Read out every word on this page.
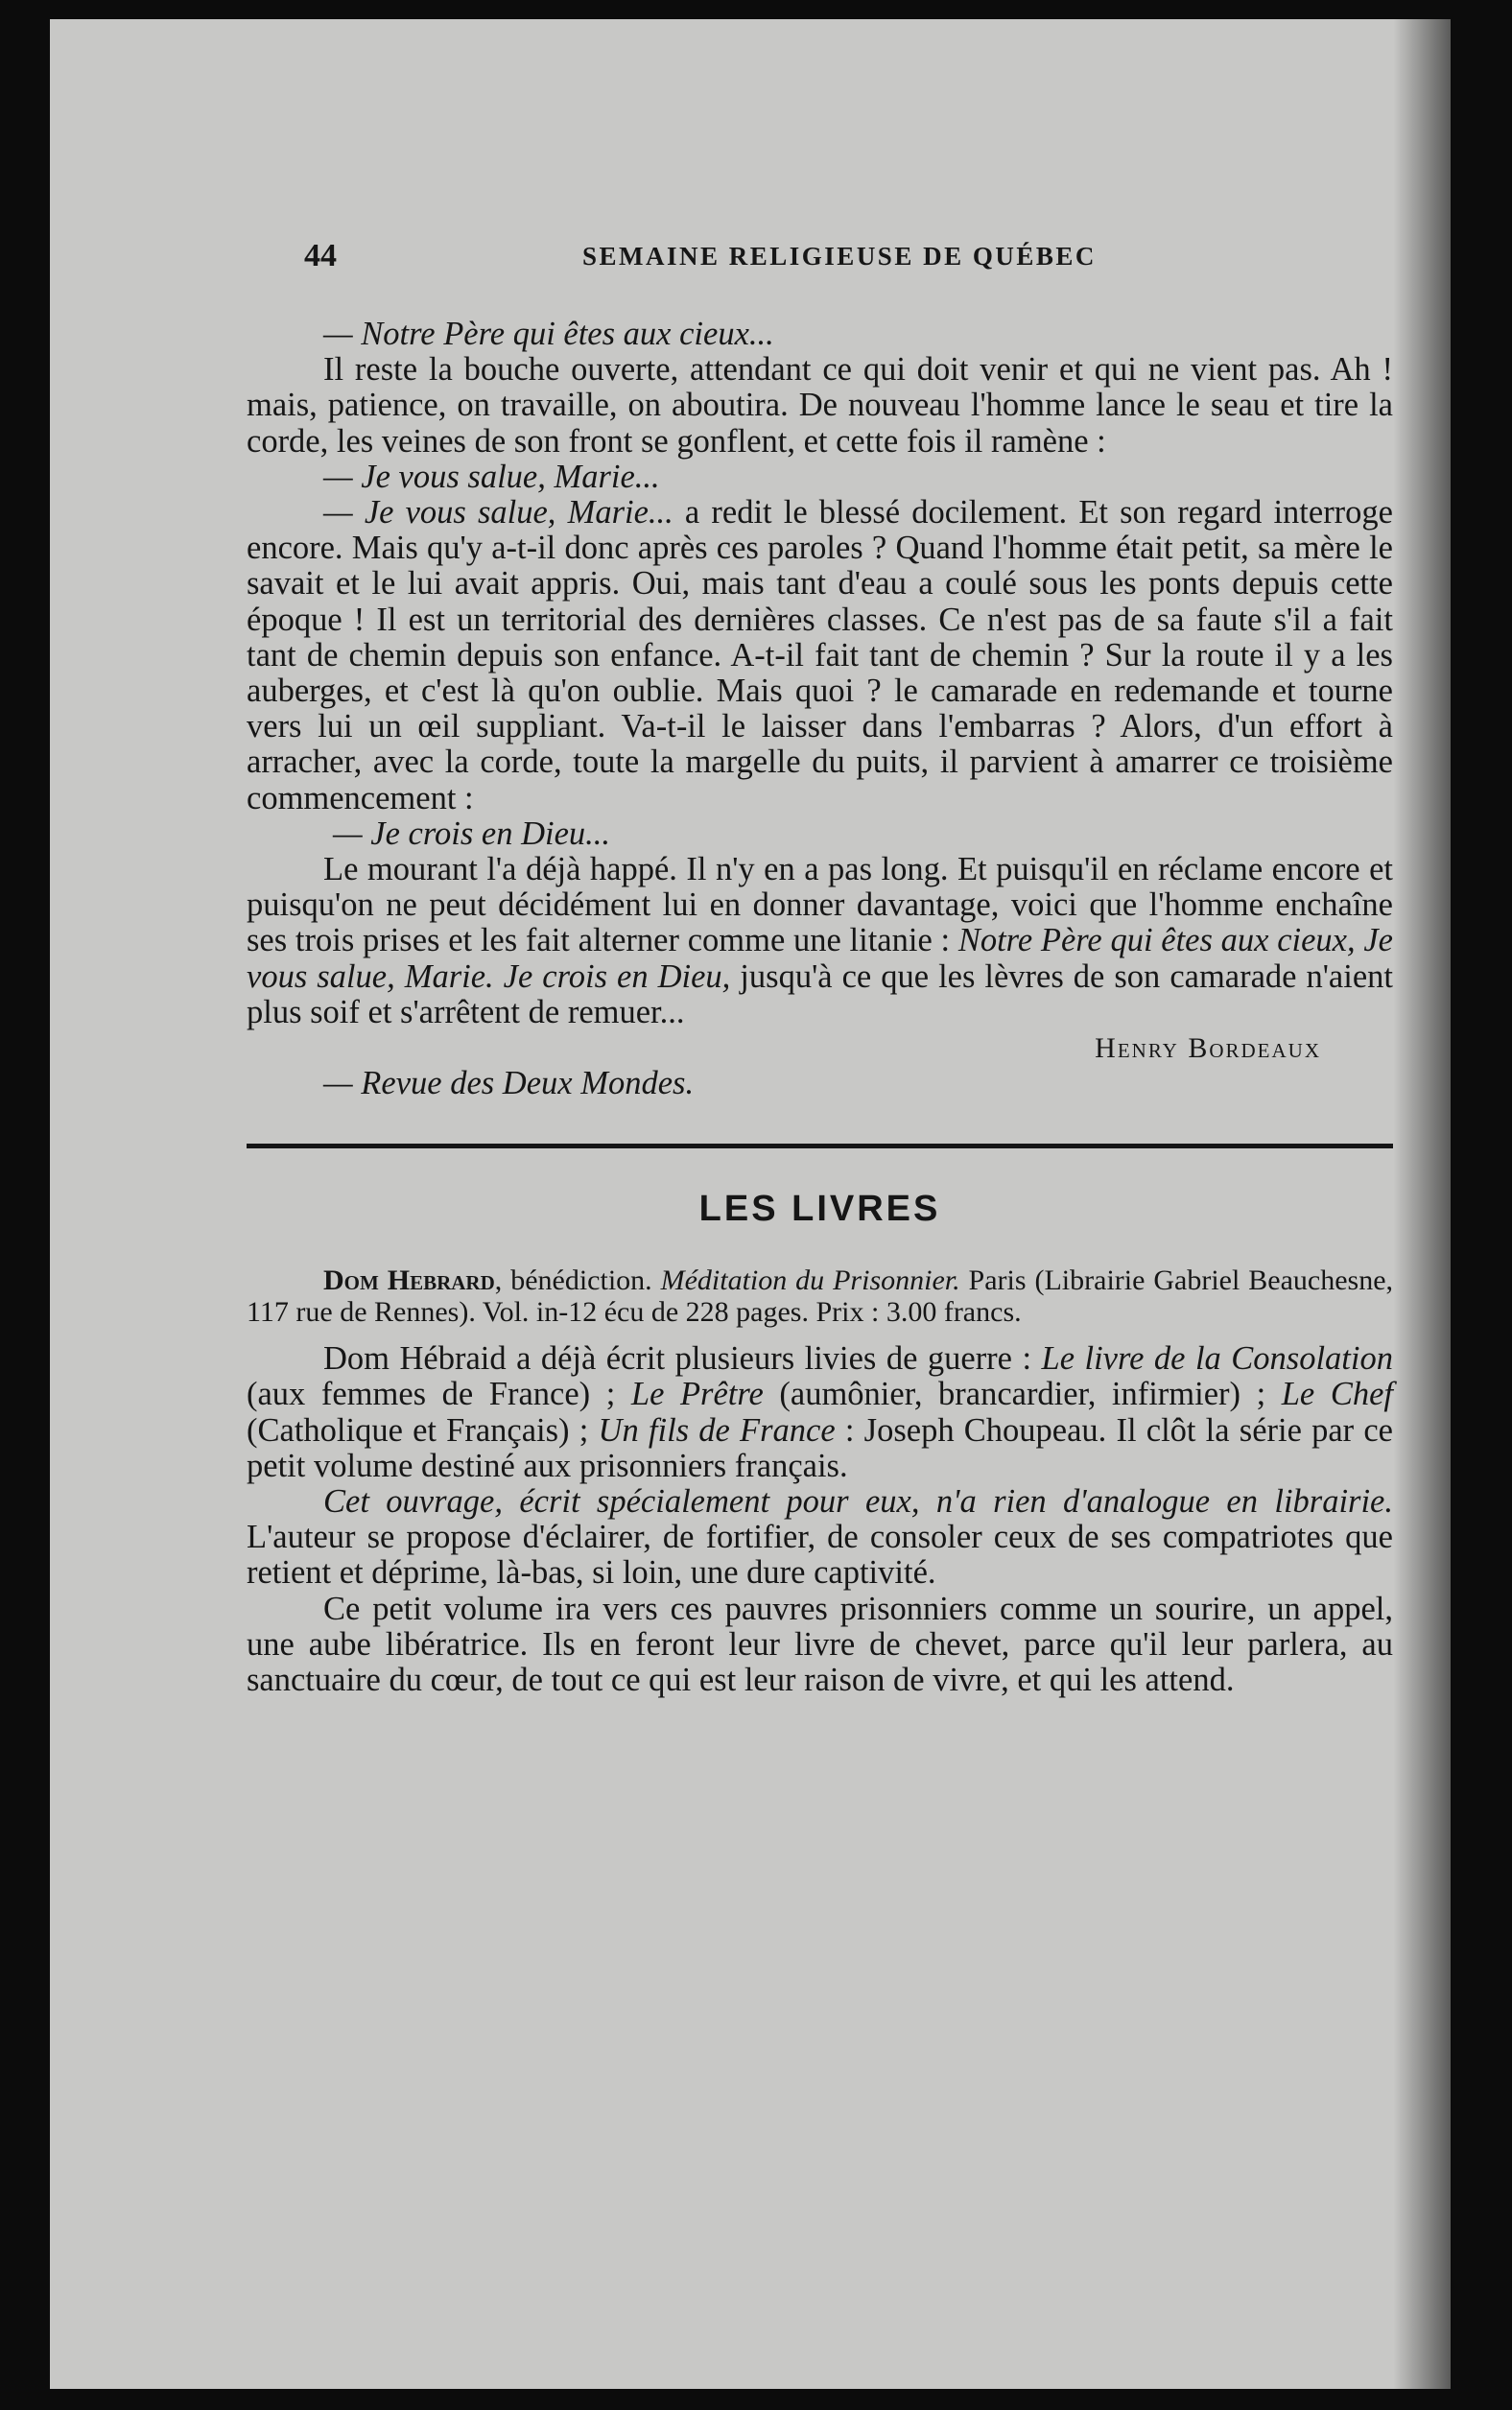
44	SEMAINE RELIGIEUSE DE QUÉBEC

— Notre Père qui êtes aux cieux...

Il reste la bouche ouverte, attendant ce qui doit venir et qui ne vient pas. Ah ! mais, patience, on travaille, on aboutira. De nouveau l'homme lance le seau et tire la corde, les veines de son front se gonflent, et cette fois il ramène :

— Je vous salue, Marie...

— Je vous salue, Marie... a redit le blessé docilement. Et son regard interroge encore. Mais qu'y a-t-il donc après ces paroles ? Quand l'homme était petit, sa mère le savait et le lui avait appris. Oui, mais tant d'eau a coulé sous les ponts depuis cette époque ! Il est un territorial des dernières classes. Ce n'est pas de sa faute s'il a fait tant de chemin depuis son enfance. A-t-il fait tant de chemin ? Sur la route il y a les auberges, et c'est là qu'on oublie. Mais quoi ? le camarade en redemande et tourne vers lui un œil suppliant. Va-t-il le laisser dans l'embarras ? Alors, d'un effort à arracher, avec la corde, toute la margelle du puits, il parvient à amarrer ce troisième commencement :

— Je crois en Dieu...

Le mourant l'a déjà happé. Il n'y en a pas long. Et puisqu'il en réclame encore et puisqu'on ne peut décidément lui en donner davantage, voici que l'homme enchaîne ses trois prises et les fait alterner comme une litanie : Notre Père qui êtes aux cieux, Je vous salue, Marie. Je crois en Dieu, jusqu'à ce que les lèvres de son camarade n'aient plus soif et s'arrêtent de remuer...

Henry Bordeaux

— Revue des Deux Mondes.

LES LIVRES

Dom Hebrard, bénédiction. Méditation du Prisonnier. Paris (Librairie Gabriel Beauchesne, 117 rue de Rennes). Vol. in-12 écu de 228 pages. Prix : 3.00 francs.

Dom Hébraid a déjà écrit plusieurs livies de guerre : Le livre de la Consolation (aux femmes de France) ; Le Prêtre (aumônier, brancardier, infirmier) ; Le Chef (Catholique et Français) ; Un fils de France : Joseph Choupeau. Il clôt la série par ce petit volume destiné aux prisonniers français.

Cet ouvrage, écrit spécialement pour eux, n'a rien d'analogue en librairie. L'auteur se propose d'éclairer, de fortifier, de consoler ceux de ses compatriotes que retient et déprime, là-bas, si loin, une dure captivité.

Ce petit volume ira vers ces pauvres prisonniers comme un sourire, un appel, une aube libératrice. Ils en feront leur livre de chevet, parce qu'il leur parlera, au sanctuaire du cœur, de tout ce qui est leur raison de vivre, et qui les attend.
